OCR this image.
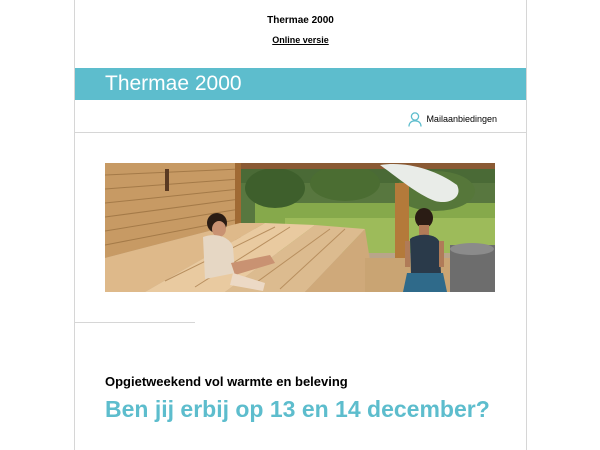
Thermae 2000
Online versie
Thermae 2000
Mailaanbiedingen
Opgietweekend vol warmte en beleving
Ben jij erbij op 13 en 14 december?
